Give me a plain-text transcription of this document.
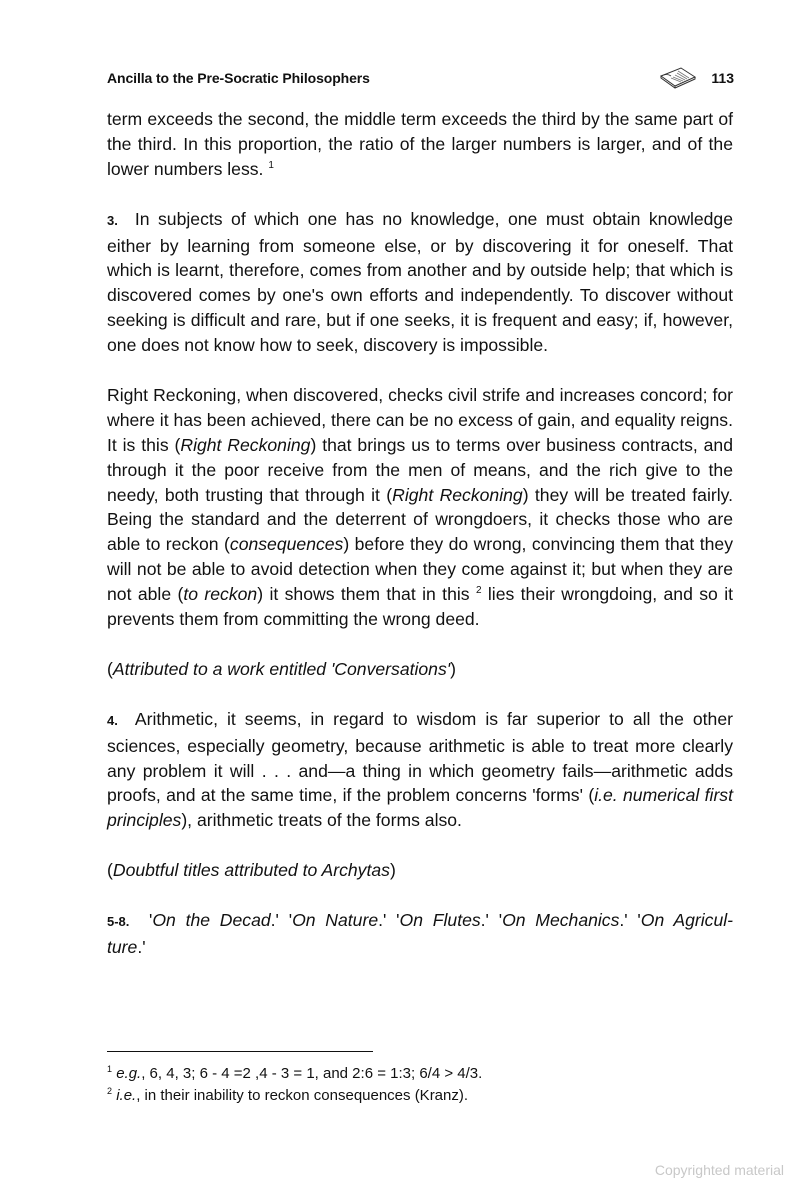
Ancilla to the Pre-Socratic Philosophers	113

term exceeds the second, the middle term exceeds the third by the same part of the third. In this proportion, the ratio of the larger numbers is larger, and of the lower numbers less. $^1$

3. In subjects of which one has no knowledge, one must obtain knowledge either by learning from someone else, or by discovering it for oneself. That which is learnt, therefore, comes from another and by outside help; that which is discovered comes by one's own efforts and independently. To discover without seeking is difficult and rare, but if one seeks, it is frequent and easy; if, however, one does not know how to seek, discovery is impossible.

Right Reckoning, when discovered, checks civil strife and increases concord; for where it has been achieved, there can be no excess of gain, and equality reigns. It is this (Right Reckoning) that brings us to terms over business contracts, and through it the poor receive from the men of means, and the rich give to the needy, both trusting that through it (Right Reckoning) they will be treated fairly. Being the standard and the deterrent of wrongdoers, it checks those who are able to reckon (consequences) before they do wrong, convincing them that they will not be able to avoid detection when they come against it; but when they are not able (to reckon) it shows them that in this $^2$ lies their wrongdoing, and so it prevents them from committing the wrong deed.

(Attributed to a work entitled 'Conversations')

4. Arithmetic, it seems, in regard to wisdom is far superior to all the other sciences, especially geometry, because arithmetic is able to treat more clearly any problem it will . . . and—a thing in which geometry fails—arithmetic adds proofs, and at the same time, if the problem concerns 'forms' (i.e. numerical first principles), arithmetic treats of the forms also.

(Doubtful titles attributed to Archytas)

5-8.  'On the Decad.' 'On Nature.' 'On Flutes.' 'On Mechanics.' 'On Agricul-ture.'

$^1$ e.g., 6, 4, 3; 6 - 4 =2 ,4 - 3 = 1, and 2:6 = 1:3; 6/4 > 4/3.
$^2$ i.e., in their inability to reckon consequences (Kranz).
Copyrighted material
